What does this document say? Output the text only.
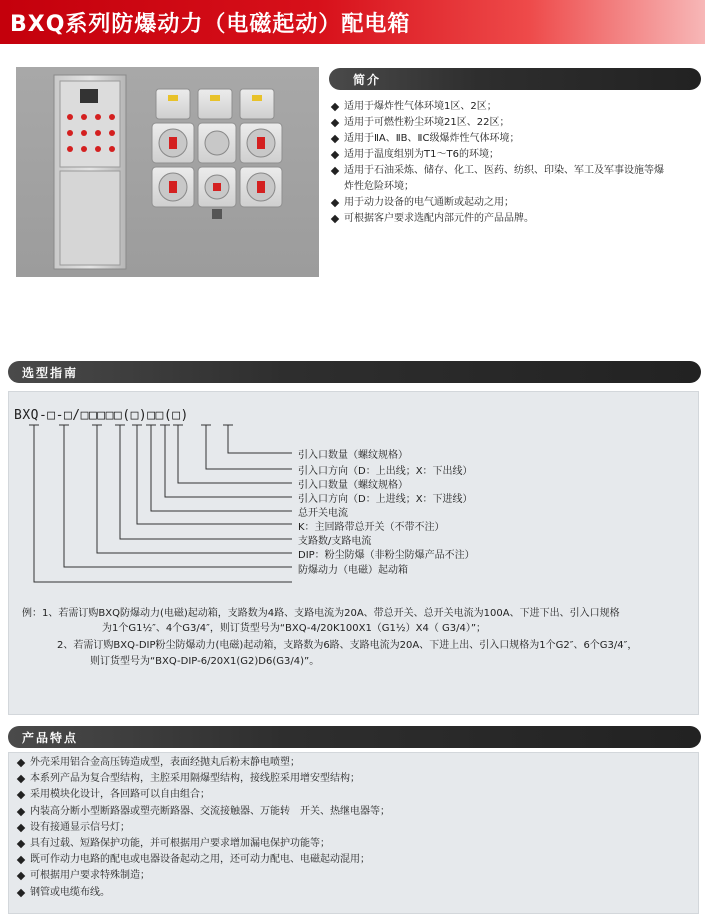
BXQ系列防爆动力（电磁起动）配电箱
简介
适用于爆炸性气体环境1区、2区；
适用于可燃性粉尘环境21区、22区；
适用于ⅡA、ⅡB、ⅡC级爆炸性气体环境；
适用于温度组别为T1～T6的环境；
适用于石油采炼、储存、化工、医药、纺织、印染、军工及军事设施等爆
炸性危险环境；
用于动力设备的电气通断或起动之用；
可根据客户要求选配内部元件的产品品牌。
选型指南
BXQ-□-□/□□□□□(□)□□(□)
引入口数量（螺纹规格）
引入口方向（D：上出线；X：下出线）
引入口数量（螺纹规格）
引入口方向（D：上进线；X：下进线）
总开关电流
K：主回路带总开关（不带不注）
支路数/支路电流
DIP：粉尘防爆（非粉尘防爆产品不注）
防爆动力（电磁）起动箱
例：1、若需订购BXQ防爆动力(电磁)起动箱，支路数为4路、支路电流为20A、带总开关、总开关电流为100A、下进下出、引入口规格
为1个G1½″、4个G3/4″，则订货型号为“BXQ-4/20K100X1（G1½）X4（ G3/4）”；
2、若需订购BXQ-DIP粉尘防爆动力(电磁)起动箱，支路数为6路、支路电流为20A、下进上出、引入口规格为1个G2″、6个G3/4″，
则订货型号为“BXQ-DIP-6/20X1(G2)D6(G3/4)”。
产品特点
外壳采用铝合金高压铸造成型，表面经抛丸后粉末静电喷塑；
本系列产品为复合型结构，主腔采用隔爆型结构，接线腔采用增安型结构；
采用模块化设计，各回路可以自由组合；
内装高分断小型断路器或塑壳断路器、交流接触器、万能转　开关、热继电器等；
设有接通显示信号灯；
具有过载、短路保护功能，并可根据用户要求增加漏电保护功能等；
既可作动力电路的配电或电器设备起动之用，还可动力配电、电磁起动混用；
可根据用户要求特殊制造；
钢管或电缆布线。
